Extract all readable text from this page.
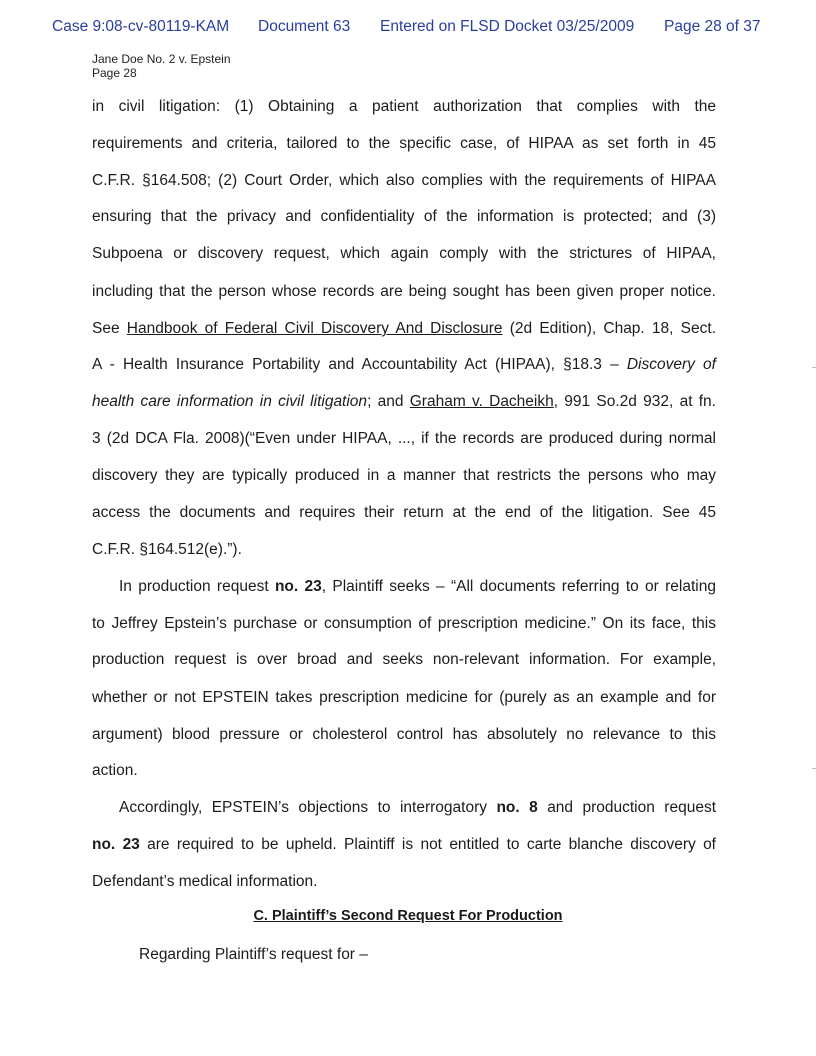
Case 9:08-cv-80119-KAM Document 63 Entered on FLSD Docket 03/25/2009 Page 28 of 37
Jane Doe No. 2 v. Epstein
Page 28
in civil litigation: (1) Obtaining a patient authorization that complies with the
requirements and criteria, tailored to the specific case, of HIPAA as set forth in 45
C.F.R. §164.508; (2) Court Order, which also complies with the requirements of HIPAA
ensuring that the privacy and confidentiality of the information is protected; and (3)
Subpoena or discovery request, which again comply with the strictures of HIPAA,
including that the person whose records are being sought has been given proper notice.
See Handbook of Federal Civil Discovery And Disclosure (2d Edition), Chap. 18, Sect.
A - Health Insurance Portability and Accountability Act (HIPAA), §18.3 – Discovery of
health care information in civil litigation; and Graham v. Dacheikh, 991 So.2d 932, at fn.
3 (2d DCA Fla. 2008)(“Even under HIPAA, ..., if the records are produced during normal
discovery they are typically produced in a manner that restricts the persons who may
access the documents and requires their return at the end of the litigation. See 45
C.F.R. §164.512(e).”).
In production request no. 23, Plaintiff seeks – “All documents referring to or relating
to Jeffrey Epstein’s purchase or consumption of prescription medicine.” On its face, this
production request is over broad and seeks non-relevant information. For example,
whether or not EPSTEIN takes prescription medicine for (purely as an example and for
argument) blood pressure or cholesterol control has absolutely no relevance to this
action.
Accordingly, EPSTEIN’s objections to interrogatory no. 8 and production request
no. 23 are required to be upheld. Plaintiff is not entitled to carte blanche discovery of
Defendant’s medical information.
C. Plaintiff’s Second Request For Production
Regarding Plaintiff’s request for –
